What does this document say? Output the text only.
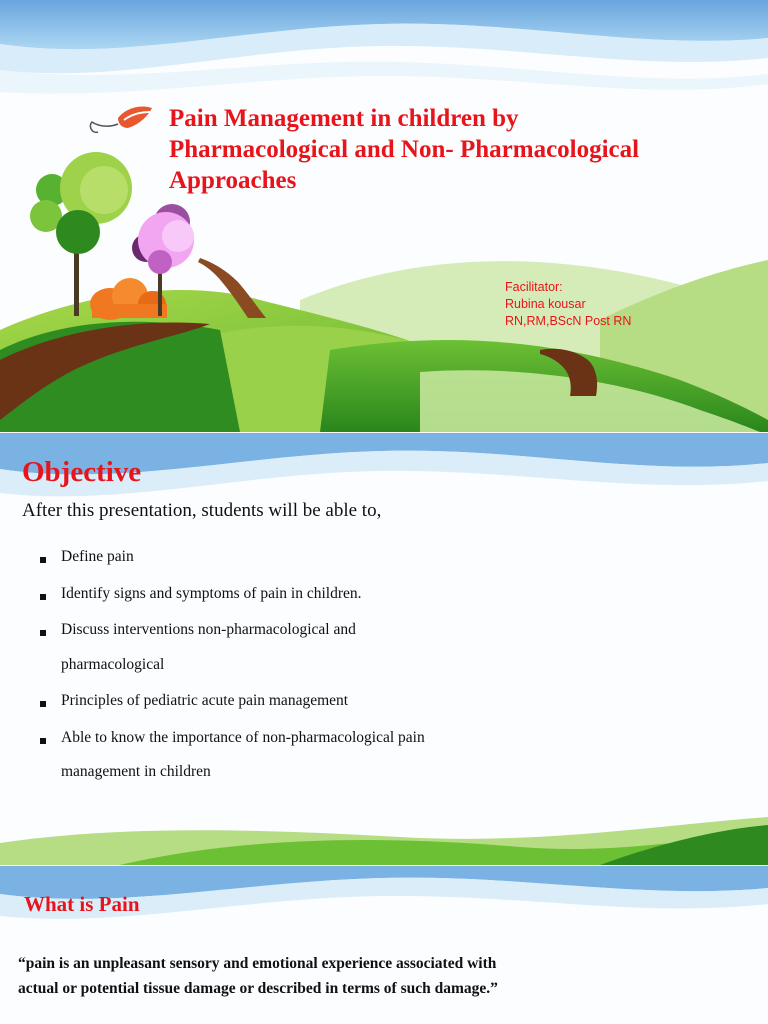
Pain Management in children by
Pharmacological and Non- Pharmacological
Approaches
Facilitator:
Rubina kousar
RN,RM,BScN Post RN
Objective

After this presentation, students will be able to,

Define pain
Identify signs and symptoms of pain in children.
Discuss interventions non-pharmacological and
pharmacological
Principles of pediatric acute pain management
Able to know the importance of non-pharmacological pain
management in children
What is Pain

“pain is an unpleasant sensory and emotional experience associated with
actual or potential tissue damage or described in terms of such damage.”
